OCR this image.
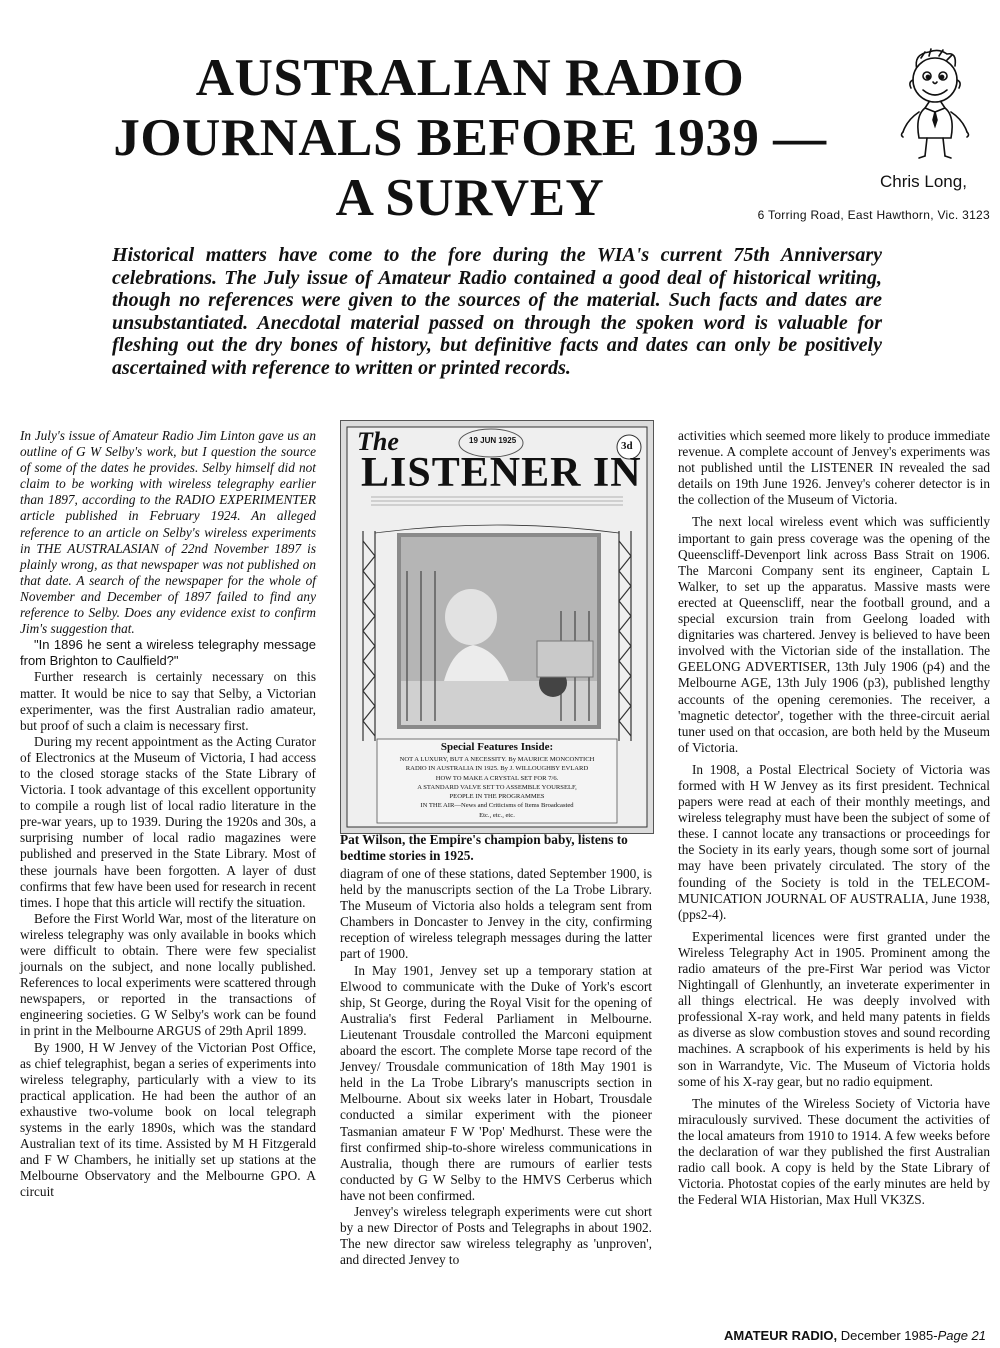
AUSTRALIAN RADIO
JOURNALS BEFORE 1939 —
A SURVEY	Chris Long,
6 Torring Road, East Hawthorn, Vic. 3123
Historical matters have come to the fore during the WIA's current 75th Anniversary celebrations. The July issue of Amateur Radio contained a good deal of historical writing, though no references were given to the sources of the material. Such facts and dates are unsubstantiated. Anecdotal material passed on through the spoken word is valuable for fleshing out the dry bones of history, but definitive facts and dates can only be positively ascertained with reference to written or printed records.

In July's issue of Amateur Radio Jim Linton gave us an outline of G W Selby's work, but I question the source of some of the dates he provides. Selby himself did not claim to be working with wireless telegraphy earlier than 1897, according to the RADIO EXPERIMENTER article published in February 1924. An alleged reference to an article on Selby's wireless experiments in THE AUSTRALASIAN of 22nd November 1897 is plainly wrong, as that newspaper was not published on that date. A search of the newspaper for the whole of November and December of 1897 failed to find any reference to Selby. Does any evidence exist to confirm Jim's suggestion that.

"In 1896 he sent a wireless telegraphy message from Brighton to Caulfield?"

Further research is certainly necessary on this matter. It would be nice to say that Selby, a Victorian experimenter, was the first Australian radio amateur, but proof of such a claim is necessary first.

During my recent appointment as the Acting Curator of Electronics at the Museum of Victoria, I had access to the closed storage stacks of the State Library of Victoria. I took advantage of this excellent opportunity to compile a rough list of local radio literature in the pre-war years, up to 1939. During the 1920s and 30s, a surprising number of local radio magazines were published and preserved in the State Library. Most of these journals have been forgotten. A layer of dust confirms that few have been used for research in recent times. I hope that this article will rectify the situation.

Before the First World War, most of the literature on wireless telegraphy was only available in books which were difficult to obtain. There were few specialist journals on the subject, and none locally published. References to local experiments were scattered through newspapers, or reported in the transactions of engineering societies. G W Selby's work can be found in print in the Melbourne ARGUS of 29th April 1899.

By 1900, H W Jenvey of the Victorian Post Office, as chief telegraphist, began a series of experiments into wireless telegraphy, particularly with a view to its practical application. He had been the author of an exhaustive two-volume book on local telegraph systems in the early 1890s, which was the standard Australian text of its time. Assisted by M H Fitzgerald and F W Chambers, he initially set up stations at the Melbourne Observatory and the Melbourne GPO. A circuit

19 JUN 1925	3d
The
LISTENER IN
Special Features Inside:
NOT A LUXURY, BUT A NECESSITY. By MAURICE MONCONTICH
RADIO IN AUSTRALIA IN 1925. By J. WILLOUGHBY EVLARD
HOW TO MAKE A CRYSTAL SET FOR 7/6.
A STANDARD VALVE SET TO ASSEMBLE YOURSELF,
PEOPLE IN THE PROGRAMMES
IN THE AIR—News and Criticisms of Items Broadcasted
Etc., etc., etc.
Pat Wilson, the Empire's champion baby, listens to bedtime stories in 1925.

diagram of one of these stations, dated September 1900, is held by the manuscripts section of the La Trobe Library. The Museum of Victoria also holds a telegram sent from Chambers in Doncaster to Jenvey in the city, confirming reception of wireless telegraph messages during the latter part of 1900.

In May 1901, Jenvey set up a temporary station at Elwood to communicate with the Duke of York's escort ship, St George, during the Royal Visit for the opening of Australia's first Federal Parliament in Melbourne. Lieutenant Trousdale controlled the Marconi equipment aboard the escort. The complete Morse tape record of the Jenvey/ Trousdale communication of 18th May 1901 is held in the La Trobe Library's manuscripts section in Melbourne. About six weeks later in Hobart, Trousdale conducted a similar experiment with the pioneer Tasmanian amateur F W 'Pop' Medhurst. These were the first confirmed ship-to-shore wireless communications in Australia, though there are rumours of earlier tests conducted by G W Selby to the HMVS Cerberus which have not been confirmed.

Jenvey's wireless telegraph experiments were cut short by a new Director of Posts and Telegraphs in about 1902. The new director saw wireless telegraphy as 'unproven', and directed Jenvey to

activities which seemed more likely to produce immediate revenue. A complete account of Jenvey's experiments was not published until the LISTENER IN revealed the sad details on 19th June 1926. Jenvey's coherer detector is in the collection of the Museum of Victoria.

The next local wireless event which was sufficiently important to gain press coverage was the opening of the Queenscliff-Devenport link across Bass Strait on 1906. The Marconi Company sent its engineer, Captain L Walker, to set up the apparatus. Massive masts were erected at Queenscliff, near the football ground, and a special excursion train from Geelong loaded with dignitaries was chartered. Jenvey is believed to have been involved with the Victorian side of the installation. The GEELONG ADVERTISER, 13th July 1906 (p4) and the Melbourne AGE, 13th July 1906 (p3), published lengthy accounts of the opening ceremonies. The receiver, a 'magnetic detector', together with the three-circuit aerial tuner used on that occasion, are both held by the Museum of Victoria.

In 1908, a Postal Electrical Society of Victoria was formed with H W Jenvey as its first president. Technical papers were read at each of their monthly meetings, and wireless telegraphy must have been the subject of some of these. I cannot locate any transactions or proceedings for the Society in its early years, though some sort of journal may have been privately circulated. The story of the founding of the Society is told in the TELECOM-MUNICATION JOURNAL OF AUSTRALIA, June 1938, (pps2-4).

Experimental licences were first granted under the Wireless Telegraphy Act in 1905. Prominent among the radio amateurs of the pre-First War period was Victor Nightingall of Glenhuntly, an inveterate experimenter in all things electrical. He was deeply involved with professional X-ray work, and held many patents in fields as diverse as slow combustion stoves and sound recording machines. A scrapbook of his experiments is held by his son in Warrandyte, Vic. The Museum of Victoria holds some of his X-ray gear, but no radio equipment.

The minutes of the Wireless Society of Victoria have miraculously survived. These document the activities of the local amateurs from 1910 to 1914. A few weeks before the declaration of war they published the first Australian radio call book. A copy is held by the State Library of Victoria. Photostat copies of the early minutes are held by the Federal WIA Historian, Max Hull VK3ZS.

AMATEUR RADIO, December 1985-Page 21
